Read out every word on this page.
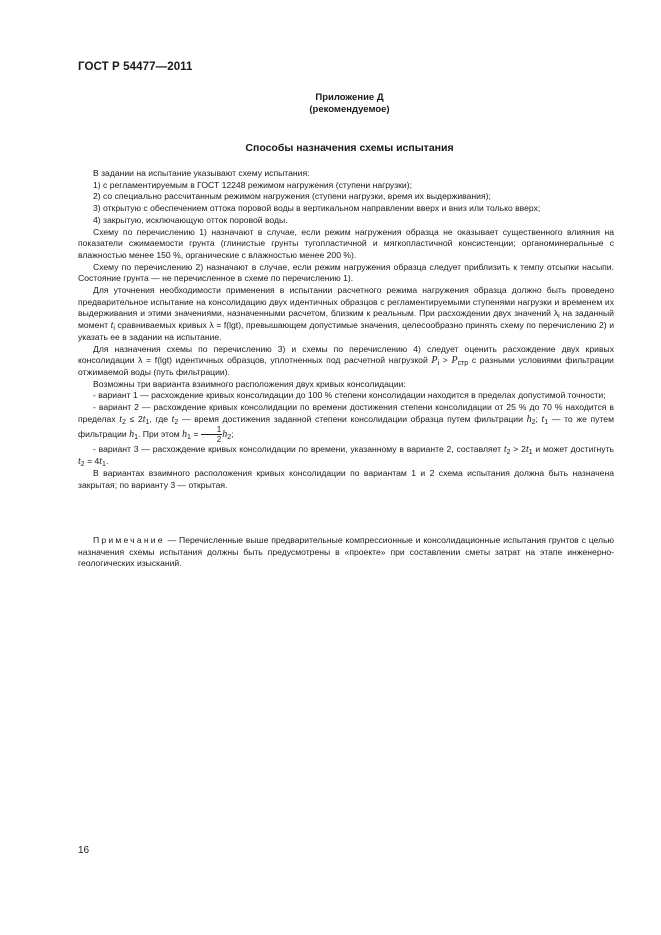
ГОСТ Р 54477—2011
Приложение Д
(рекомендуемое)
Способы назначения схемы испытания

В задании на испытание указывают схему испытания:

1) с регламентируемым в ГОСТ 12248 режимом нагружения (ступени нагрузки);

2) со специально рассчитанным режимом нагружения (ступени нагрузки, время их выдерживания);

3) открытую с обеспечением оттока поровой воды в вертикальном направлении вверх и вниз или только вверх;

4) закрытую, исключающую отток поровой воды.

Схему по перечислению 1) назначают в случае, если режим нагружения образца не оказывает существенного влияния на показатели сжимаемости грунта (глинистые грунты тугопластичной и мягкопластичной консистенции; органоминеральные с влажностью менее 150 %, органические с влажностью менее 200 %).

Схему по перечислению 2) назначают в случае, если режим нагружения образца следует приблизить к темпу отсыпки насыпи. Состояние грунта — не перечисленное в схеме по перечислению 1).

Для уточнения необходимости применения в испытании расчетного режима нагружения образца должно быть проведено предварительное испытание на консолидацию двух идентичных образцов с регламентируемыми ступенями нагрузки и временем их выдерживания и этими значениями, назначенными расчетом, близким к реальным. При расхождении двух значений $\lambda_i$ на заданный момент $t_i$ сравниваемых кривых λ = f(lgt), превышающем допустимые значения, целесообразно принять схему по перечислению 2) и указать ее в задании на испытание.

Для назначения схемы по перечислению 3) и схемы по перечислению 4) следует оценить расхождение двух кривых консолидации λ = f(lgt) идентичных образцов, уплотненных под расчетной нагрузкой $P_i > P_{стр}$ с разными условиями фильтрации отжимаемой воды (путь фильтрации).

Возможны три варианта взаимного расположения двух кривых консолидации:

- вариант 1 — расхождение кривых консолидации до 100 % степени консолидации находится в пределах допустимой точности;

- вариант 2 — расхождение кривых консолидации по времени достижения степени консолидации от 25 % до 70 % находится в пределах $t_2 \le 2t_1$, где $t_2$ — время достижения заданной степени консолидации образца путем фильтрации $h_2$; $t_1$ — то же путем фильтрации $h_1$. При этом $h_1 = \frac{1}{2} h_2$;

- вариант 3 — расхождение кривых консолидации по времени, указанному в варианте 2, составляет $t_2 > 2t_1$ и может достигнуть $t_2 = 4t_1$.

В вариантах взаимного расположения кривых консолидации по вариантам 1 и 2 схема испытания должна быть назначена закрытая; по варианту 3 — открытая.

Примечание — Перечисленные выше предварительные компрессионные и консолидационные испытания грунтов с целью назначения схемы испытания должны быть предусмотрены в «проекте» при составлении сметы затрат на этапе инженерно-геологических изысканий.

16
